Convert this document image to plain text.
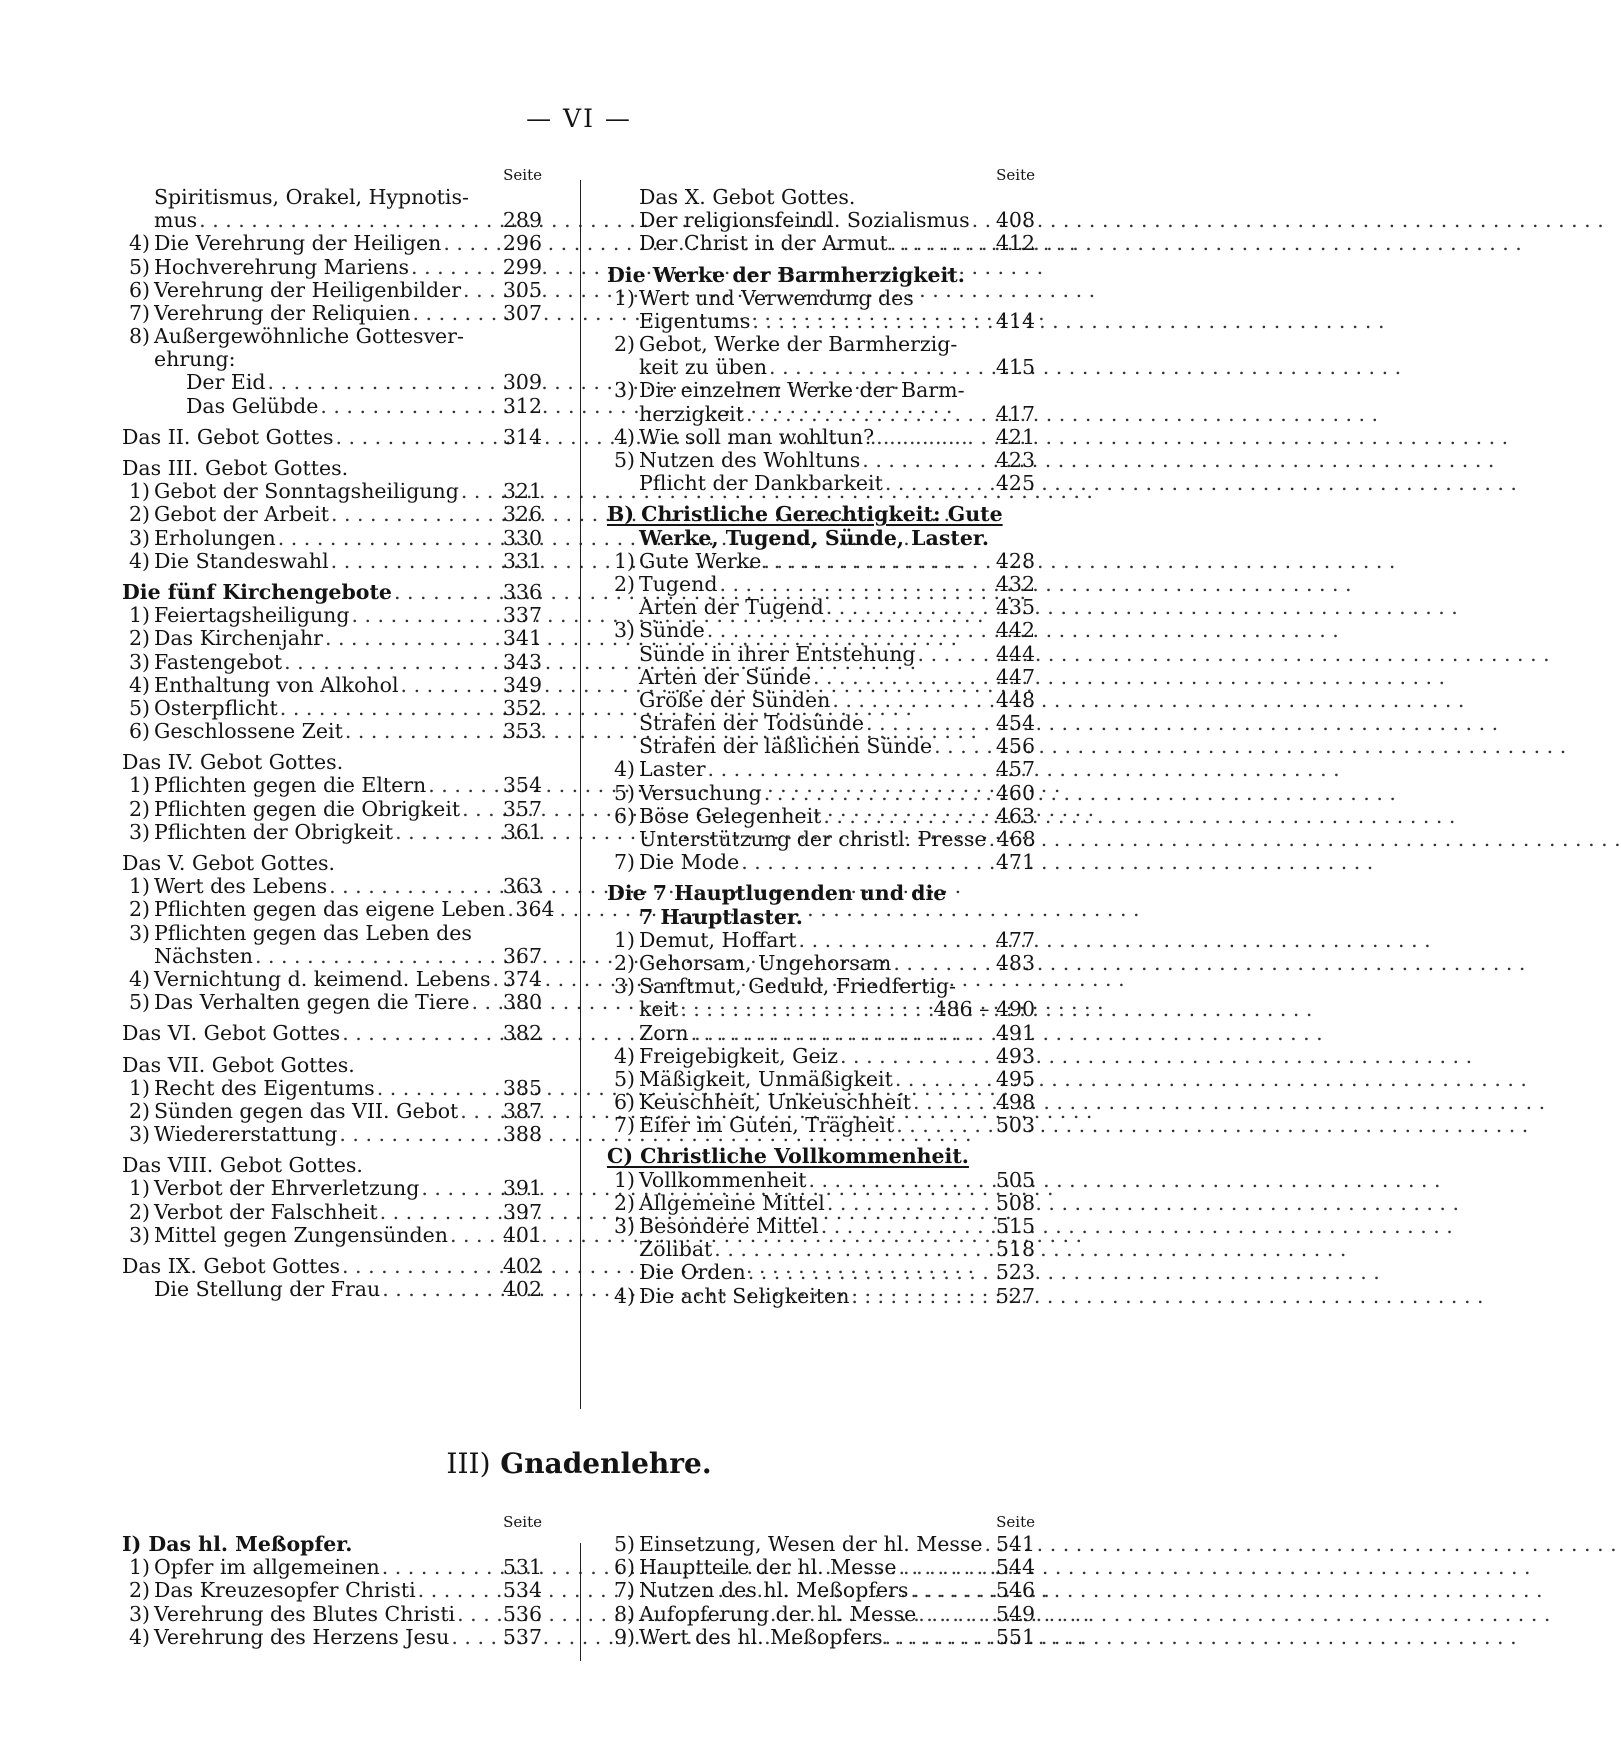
— VI —
Seite
Spiritismus, Orakel, Hypnotis-
mus . . .	289
4) Die Verehrung der Heiligen . . .	296
5) Hochverehrung Mariens . . .	299
6) Verehrung der Heiligenbilder . . . 305
7) Verehrung der Reliquien . . .	307
8) Außergewöhnliche Gottesver-
ehrung:
Der Eid . . .	309
Das Gelübde . . .	312
Das II. Gebot Gottes . . .	314
Das III. Gebot Gottes.
1) Gebot der Sonntagsheiligung . . . 321
2) Gebot der Arbeit . . .	326
3) Erholungen . . .	330
4) Die Standeswahl . . .	331
Die fünf Kirchengebote . . .	336
1) Feiertagsheiligung . . .	337
2) Das Kirchenjahr . . .	341
3) Fastengebot . . .	343
4) Enthaltung von Alkohol . . .	349
5) Osterpflicht . . .	352
6) Geschlossene Zeit . . .	353
Das IV. Gebot Gottes.
1) Pflichten gegen die Eltern . . .	354
2) Pflichten gegen die Obrigkeit . . . 357
3) Pflichten der Obrigkeit . . .	361
Das V. Gebot Gottes.
1) Wert des Lebens . . .	363
2) Pflichten gegen das eigene Leben . . . 364
3) Pflichten gegen das Leben des
Nächsten . . .	367
4) Vernichtung d. keimend. Lebens . . . 374
5) Das Verhalten gegen die Tiere . . . 380
Das VI. Gebot Gottes . . .	382
Das VII. Gebot Gottes.
1) Recht des Eigentums . . .	385
2) Sünden gegen das VII. Gebot . . . 387
3) Wiedererstattung . . .	388
Das VIII. Gebot Gottes.
1) Verbot der Ehrverletzung . . .	391
2) Verbot der Falschheit . . .	397
3) Mittel gegen Zungensünden . . .	401
Das IX. Gebot Gottes . . .	402
Die Stellung der Frau . . .	402
Seite
Das X. Gebot Gottes.
Der religionsfeindl. Sozialismus . . . 408
Der Christ in der Armut . . .	412
Die Werke der Barmherzigkeit.
1) Wert und Verwendung des
Eigentums . . .	414
2) Gebot, Werke der Barmherzig-
keit zu üben . . .	415
3) Die einzelnen Werke der Barm-
herzigkeit . . .	417
4) Wie soll man wohltun? . . .	421
5) Nutzen des Wohltuns . . .	423
Pflicht der Dankbarkeit . . .	425
B) Christliche Gerechtigkeit: Gute
Werke, Tugend, Sünde, Laster.
1) Gute Werke . . .	428
2) Tugend . . .	432
Arten der Tugend . . .	435
3) Sünde . . .	442
Sünde in ihrer Entstehung . . .	444
Arten der Sünde . . .	447
Größe der Sünden . . .	448
Strafen der Todsünde . . .	454
Strafen der läßlichen Sünde . . .	456
4) Laster . . .	457
5) Versuchung . . .	460
6) Böse Gelegenheit . . .	463
Unterstützung der christl. Presse . . . 468
7) Die Mode . . .	471
Die 7 Hauptlugenden und die
7 Hauptlaster.
1) Demut, Hoffart . . .	477
2) Gehorsam, Ungehorsam . . .	483
3) Sanftmut, Geduld, Friedfertig-
keit . . .	486 – 490
Zorn . . .	491
4) Freigebigkeit, Geiz . . .	493
5) Mäßigkeit, Unmäßigkeit . . .	495
6) Keuschheit, Unkeuschheit . . .	498
7) Eifer im Guten, Trägheit . . .	503
C) Christliche Vollkommenheit.
1) Vollkommenheit . . .	505
2) Allgemeine Mittel . . .	508
3) Besondere Mittel . . .	515
Zölibat . . .	518
Die Orden . . .	523
4) Die acht Seligkeiten . . .	527
III) Gnadenlehre.
Seite
I) Das hl. Meßopfer.
1) Opfer im allgemeinen . . .	531
2) Das Kreuzesopfer Christi . . .	534
3) Verehrung des Blutes Christi . . . 536
4) Verehrung des Herzens Jesu . . .	537
Seite
5) Einsetzung, Wesen der hl. Messe . . . 541
6) Hauptteile der hl. Messe . . .	544
7) Nutzen des hl. Meßopfers . . .	546
8) Aufopferung der hl. Messe . . .	549
9) Wert des hl. Meßopfers . . .	551
